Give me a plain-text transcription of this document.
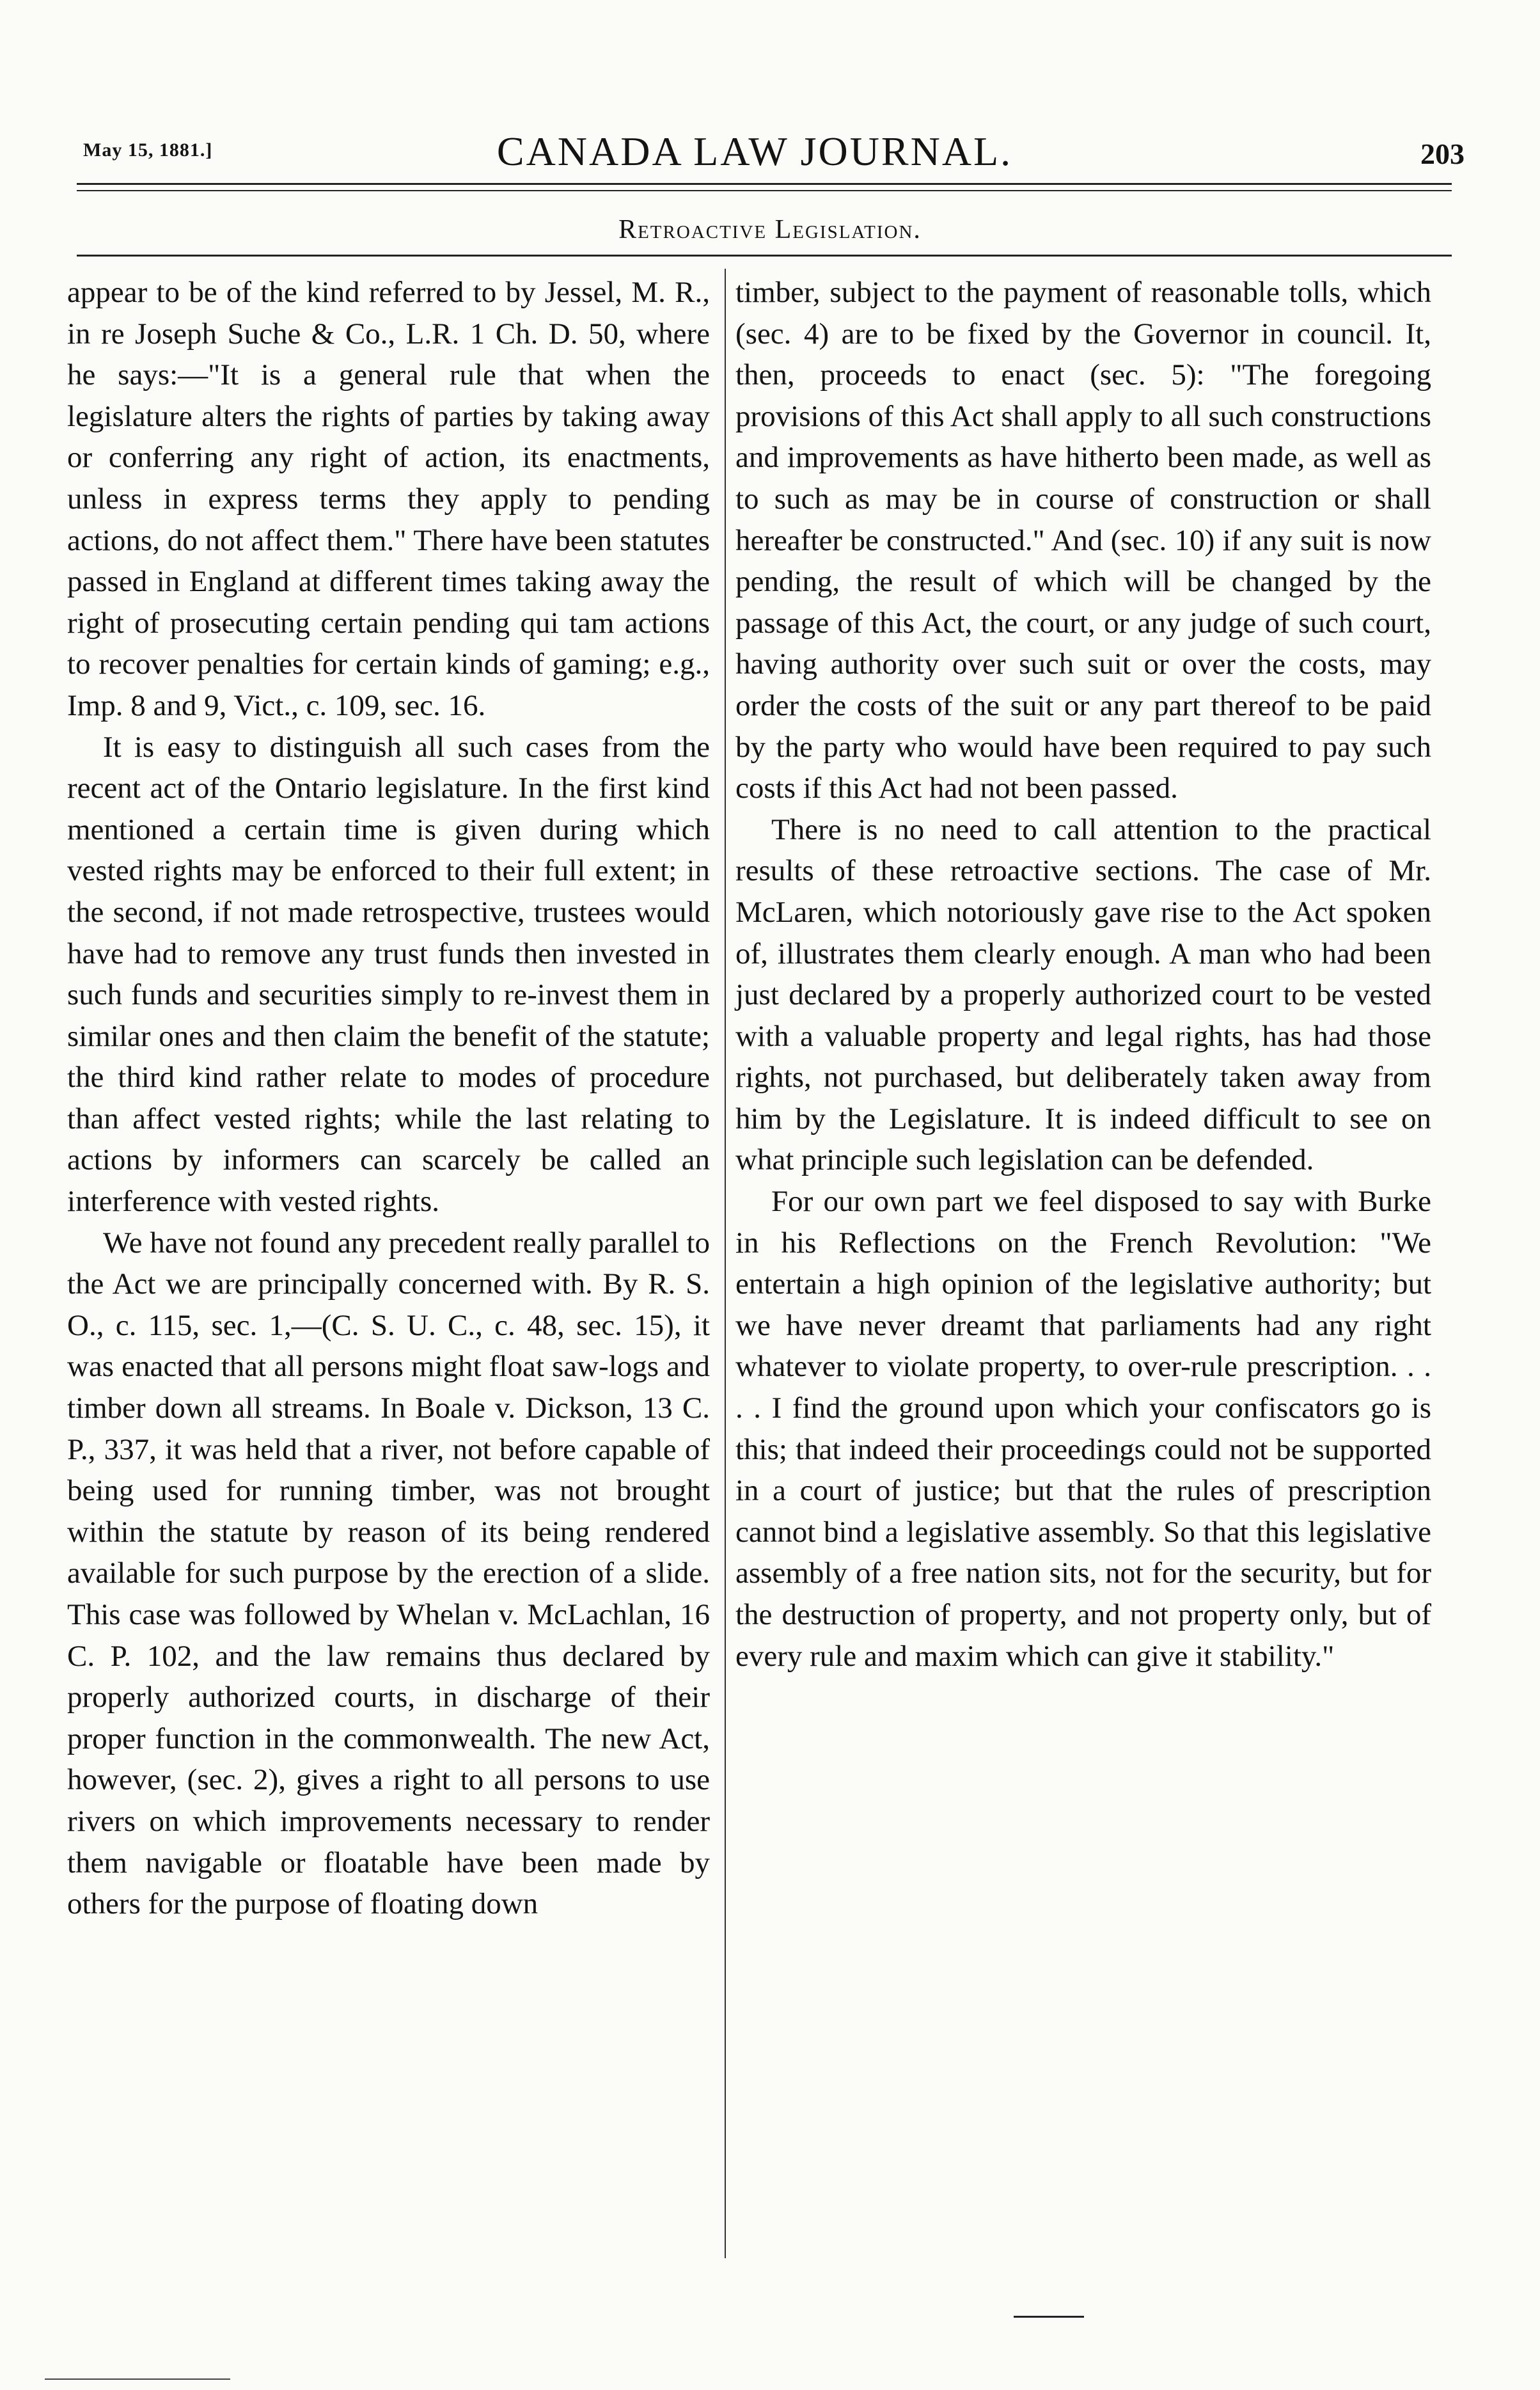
May 15, 1881.]	CANADA LAW JOURNAL.	203
Retroactive Legislation.

appear to be of the kind referred to by Jessel, M. R., in re Joseph Suche & Co., L.R. 1 Ch. D. 50, where he says:—"It is a general rule that when the legislature alters the rights of parties by taking away or conferring any right of action, its enactments, unless in express terms they apply to pending actions, do not affect them." There have been statutes passed in England at different times taking away the right of prosecuting certain pending qui tam actions to recover penalties for certain kinds of gaming; e.g., Imp. 8 and 9, Vict., c. 109, sec. 16.

It is easy to distinguish all such cases from the recent act of the Ontario legislature. In the first kind mentioned a certain time is given during which vested rights may be enforced to their full extent; in the second, if not made retrospective, trustees would have had to remove any trust funds then invested in such funds and securities simply to re-invest them in similar ones and then claim the benefit of the statute; the third kind rather relate to modes of procedure than affect vested rights; while the last relating to actions by informers can scarcely be called an interference with vested rights.

We have not found any precedent really parallel to the Act we are principally concerned with. By R. S. O., c. 115, sec. 1,—(C. S. U. C., c. 48, sec. 15), it was enacted that all persons might float saw-logs and timber down all streams. In Boale v. Dickson, 13 C. P., 337, it was held that a river, not before capable of being used for running timber, was not brought within the statute by reason of its being rendered available for such purpose by the erection of a slide. This case was followed by Whelan v. McLachlan, 16 C. P. 102, and the law remains thus declared by properly authorized courts, in discharge of their proper function in the commonwealth. The new Act, however, (sec. 2), gives a right to all persons to use rivers on which improvements necessary to render them navigable or floatable have been made by others for the purpose of floating down

timber, subject to the payment of reasonable tolls, which (sec. 4) are to be fixed by the Governor in council. It, then, proceeds to enact (sec. 5): "The foregoing provisions of this Act shall apply to all such constructions and improvements as have hitherto been made, as well as to such as may be in course of construction or shall hereafter be constructed." And (sec. 10) if any suit is now pending, the result of which will be changed by the passage of this Act, the court, or any judge of such court, having authority over such suit or over the costs, may order the costs of the suit or any part thereof to be paid by the party who would have been required to pay such costs if this Act had not been passed.

There is no need to call attention to the practical results of these retroactive sections. The case of Mr. McLaren, which notoriously gave rise to the Act spoken of, illustrates them clearly enough. A man who had been just declared by a properly authorized court to be vested with a valuable property and legal rights, has had those rights, not purchased, but deliberately taken away from him by the Legislature. It is indeed difficult to see on what principle such legislation can be defended.

For our own part we feel disposed to say with Burke in his Reflections on the French Revolution: "We entertain a high opinion of the legislative authority; but we have never dreamt that parliaments had any right whatever to violate property, to over-rule prescription. . . . . I find the ground upon which your confiscators go is this; that indeed their proceedings could not be supported in a court of justice; but that the rules of prescription cannot bind a legislative assembly. So that this legislative assembly of a free nation sits, not for the security, but for the destruction of property, and not property only, but of every rule and maxim which can give it stability."
